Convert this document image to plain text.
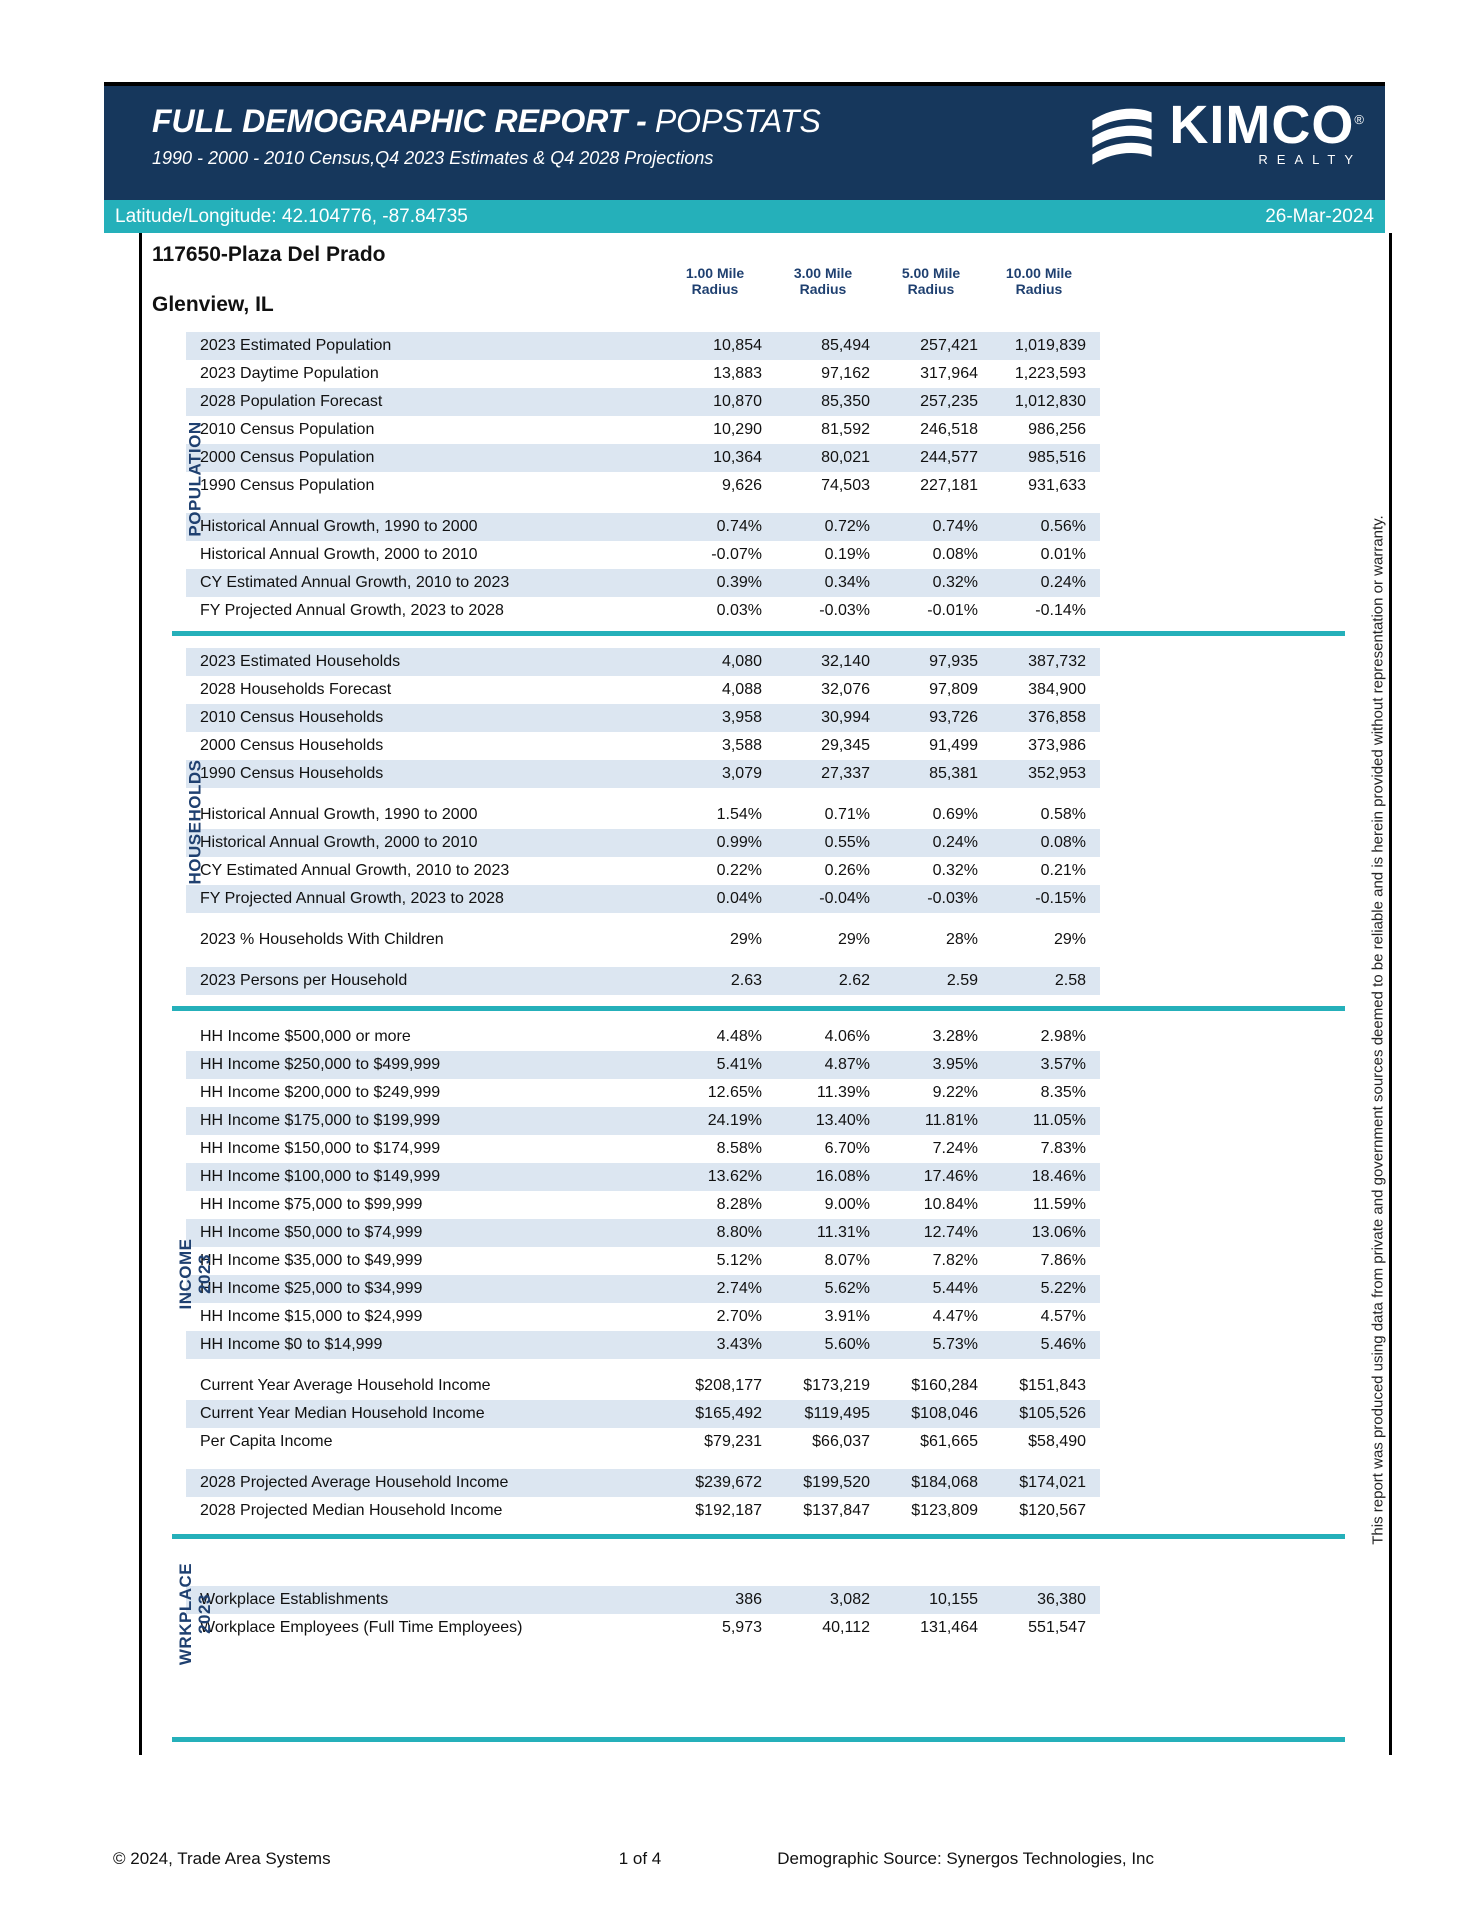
FULL DEMOGRAPHIC REPORT - POPSTATS
1990 - 2000 - 2010 Census,Q4 2023 Estimates & Q4 2028 Projections
KIMCO®
REALTY
Latitude/Longitude: 42.104776, -87.84735	26-Mar-2024
117650-Plaza Del Prado
Glenview, IL
1.00 Mile
Radius
3.00 Mile
Radius
5.00 Mile
Radius
10.00 Mile
Radius
POPULATION
2023 Estimated Population	10,854	85,494	257,421	1,019,839
2023 Daytime Population	13,883	97,162	317,964	1,223,593
2028 Population Forecast	10,870	85,350	257,235	1,012,830
2010 Census Population	10,290	81,592	246,518	986,256
2000 Census Population	10,364	80,021	244,577	985,516
1990 Census Population	9,626	74,503	227,181	931,633
Historical Annual Growth, 1990 to 2000	0.74%	0.72%	0.74%	0.56%
Historical Annual Growth, 2000 to 2010	-0.07%	0.19%	0.08%	0.01%
CY Estimated Annual Growth, 2010 to 2023	0.39%	0.34%	0.32%	0.24%
FY Projected Annual Growth, 2023 to 2028	0.03%	-0.03%	-0.01%	-0.14%
HOUSEHOLDS
2023 Estimated Households	4,080	32,140	97,935	387,732
2028 Households Forecast	4,088	32,076	97,809	384,900
2010 Census Households	3,958	30,994	93,726	376,858
2000 Census Households	3,588	29,345	91,499	373,986
1990 Census Households	3,079	27,337	85,381	352,953
Historical Annual Growth, 1990 to 2000	1.54%	0.71%	0.69%	0.58%
Historical Annual Growth, 2000 to 2010	0.99%	0.55%	0.24%	0.08%
CY Estimated Annual Growth, 2010 to 2023	0.22%	0.26%	0.32%	0.21%
FY Projected Annual Growth, 2023 to 2028	0.04%	-0.04%	-0.03%	-0.15%
2023 % Households With Children	29%	29%	28%	29%
2023 Persons per Household	2.63	2.62	2.59	2.58
INCOME 2023
HH Income $500,000 or more	4.48%	4.06%	3.28%	2.98%
HH Income $250,000 to $499,999	5.41%	4.87%	3.95%	3.57%
HH Income $200,000 to $249,999	12.65%	11.39%	9.22%	8.35%
HH Income $175,000 to $199,999	24.19%	13.40%	11.81%	11.05%
HH Income $150,000 to $174,999	8.58%	6.70%	7.24%	7.83%
HH Income $100,000 to $149,999	13.62%	16.08%	17.46%	18.46%
HH Income $75,000 to $99,999	8.28%	9.00%	10.84%	11.59%
HH Income $50,000 to $74,999	8.80%	11.31%	12.74%	13.06%
HH Income $35,000 to $49,999	5.12%	8.07%	7.82%	7.86%
HH Income $25,000 to $34,999	2.74%	5.62%	5.44%	5.22%
HH Income $15,000 to $24,999	2.70%	3.91%	4.47%	4.57%
HH Income $0 to $14,999	3.43%	5.60%	5.73%	5.46%
Current Year Average Household Income	$208,177	$173,219	$160,284	$151,843
Current Year Median Household Income	$165,492	$119,495	$108,046	$105,526
Per Capita Income	$79,231	$66,037	$61,665	$58,490
2028 Projected Average Household Income	$239,672	$199,520	$184,068	$174,021
2028 Projected Median Household Income	$192,187	$137,847	$123,809	$120,567
WRKPLACE 2023
Workplace Establishments	386	3,082	10,155	36,380
Workplace Employees (Full Time Employees)	5,973	40,112	131,464	551,547
This report was produced using data from private and government sources deemed to be reliable and is herein provided without representation or warranty.
© 2024, Trade Area Systems	1 of 4	Demographic Source: Synergos Technologies, Inc
